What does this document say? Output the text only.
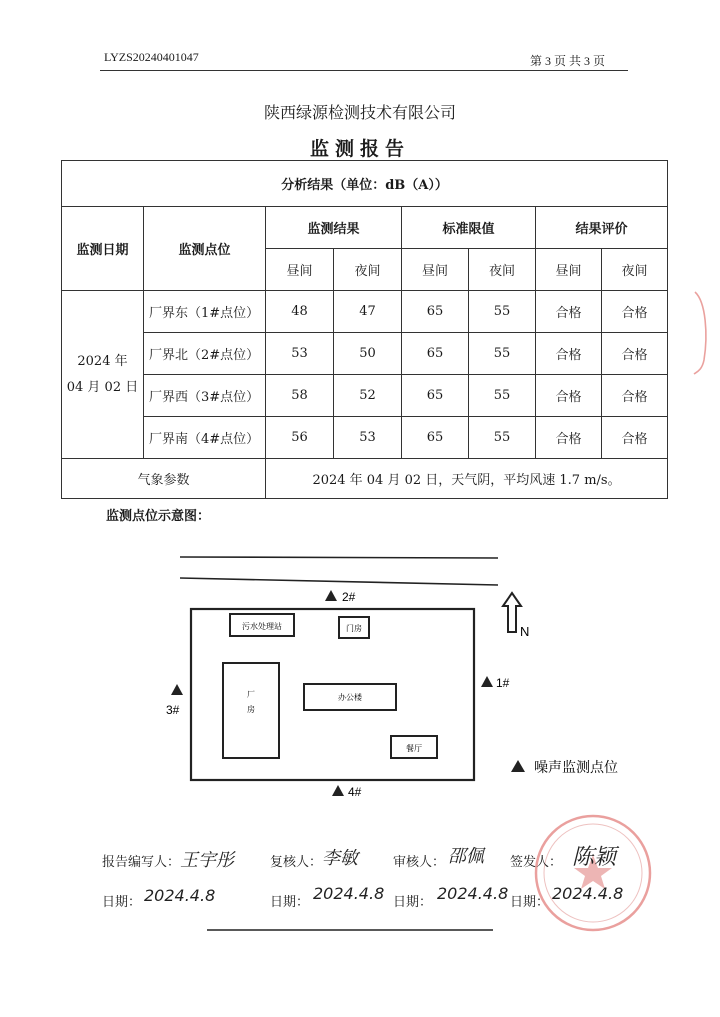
LYZS20240401047	第 3 页 共 3 页
陕西绿源检测技术有限公司
监测报告
分析结果（单位：dB（A））							
监测日期	监测点位	监测结果		标准限值		结果评价	
		昼间	夜间	昼间	夜间	昼间	夜间

2024 年
04 月 02 日	厂界东（1#点位）	48	47	65	55	合格	合格
	厂界北（2#点位）	53	50	65	55	合格	合格
	厂界西（3#点位）	58	52	65	55	合格	合格
	厂界南（4#点位）	56	53	65	55	合格	合格
气象参数		2024 年 04 月 02 日，天气阴，平均风速 1.7 m/s。					
监测点位示意图：
污水处理站	门房
厂
房
办公楼
餐厅
2#
1#
3#
4#
N
噪声监测点位
报告编写人： 王宇彤	复核人： 李敏	审核人： 邵佩 签发人： 陈颖
日期： 2024.4.8	日期： 2024.4.8 日期： 2024.4.8 日期： 2024.4.8
